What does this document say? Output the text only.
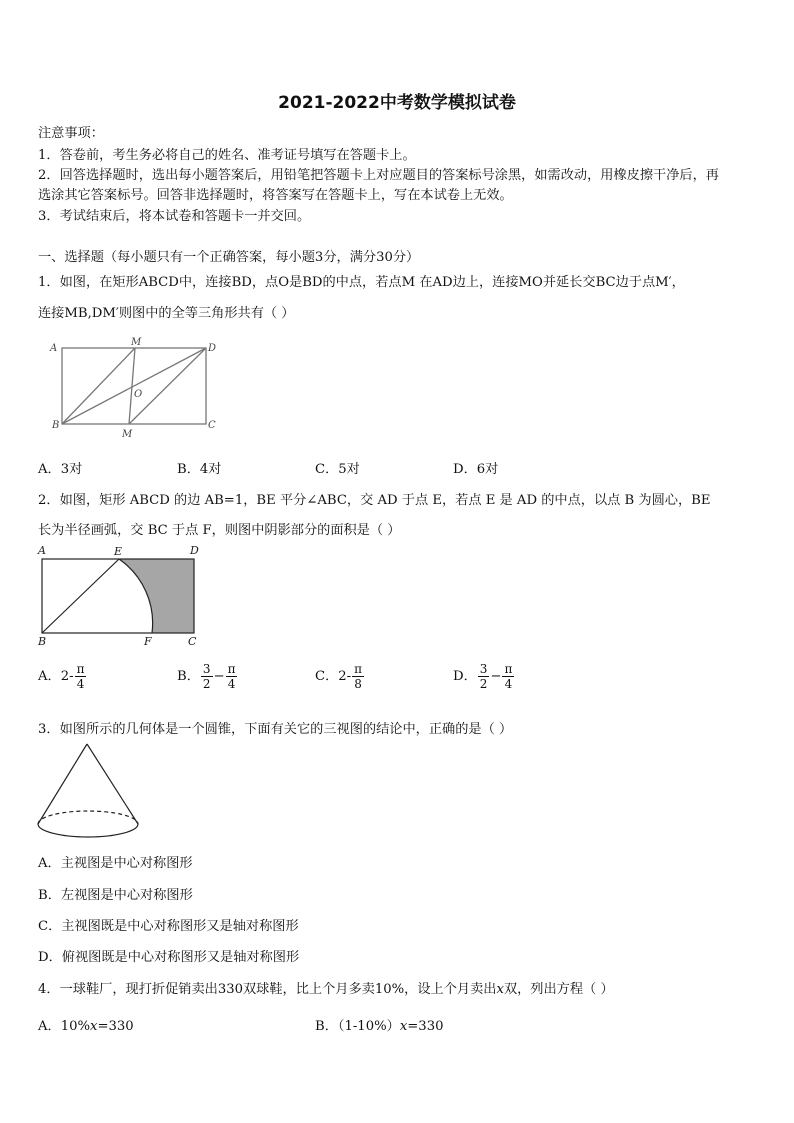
2021-2022中考数学模拟试卷
注意事项：
1．答卷前，考生务必将自己的姓名、准考证号填写在答题卡上。
2．回答选择题时，选出每小题答案后，用铅笔把答题卡上对应题目的答案标号涂黑，如需改动，用橡皮擦干净后，再
选涂其它答案标号。回答非选择题时，将答案写在答题卡上，写在本试卷上无效。
3．考试结束后，将本试卷和答题卡一并交回。
一、选择题（每小题只有一个正确答案，每小题3分，满分30分）
1．如图，在矩形ABCD中，连接BD，点O是BD的中点，若点M 在AD边上，连接MO并延长交BC边于点M′，
连接MB,DM′则图中的全等三角形共有（ ）
A
M
D
O
B
M
C
A．3对	B．4对	C．5对	D．6对
2．如图，矩形 ABCD 的边 AB=1，BE 平分∠ABC，交 AD 于点 E，若点 E 是 AD 的中点，以点 B 为圆心，BE
长为半径画弧，交 BC 于点 F，则图中阴影部分的面积是（ ）
A	E	D
B	F	C
A．$2- \frac{\pi}{4}$	B． $\frac{3}{2} - \frac{\pi}{4}$	C．$2- \frac{\pi}{8}$	D． $\frac{3}{2} - \frac{\pi}{4}$
3．如图所示的几何体是一个圆锥，下面有关它的三视图的结论中，正确的是（ ）
A．主视图是中心对称图形
B．左视图是中心对称图形
C．主视图既是中心对称图形又是轴对称图形
D．俯视图既是中心对称图形又是轴对称图形
4．一球鞋厂，现打折促销卖出330双球鞋，比上个月多卖10%，设上个月卖出x双，列出方程（ ）
A．10%x=330	B．（1-10%）x=330
